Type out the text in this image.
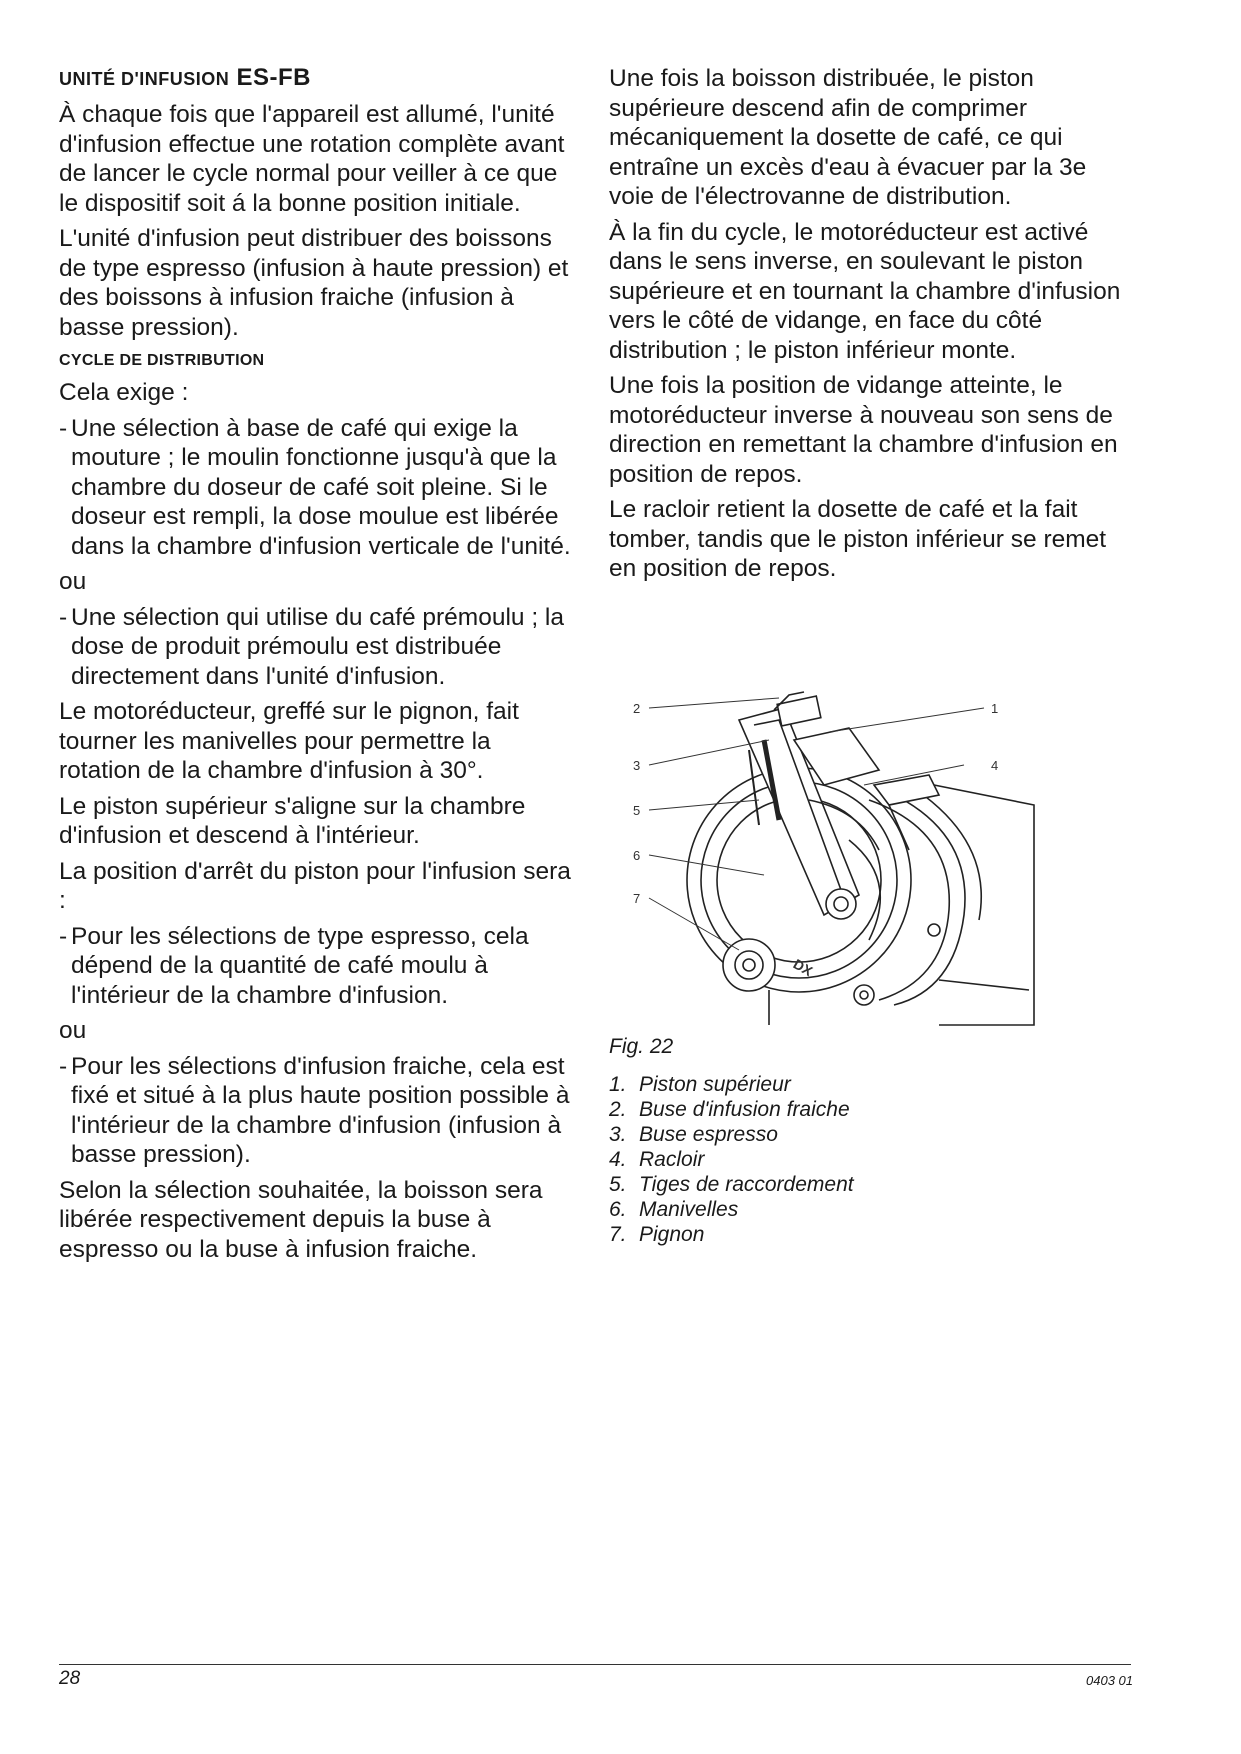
UNITÉ D'INFUSION ES-FB

À chaque fois que l'appareil est allumé, l'unité d'infusion effectue une rotation complète avant de lancer le cycle normal pour veiller à ce que le dispositif soit á la bonne position initiale.

L'unité d'infusion peut distribuer des boissons de type espresso (infusion à haute pression) et des boissons à infusion fraiche (infusion à basse pression).

CYCLE DE DISTRIBUTION

Cela exige :

- Une sélection à base de café qui exige la mouture ; le moulin fonctionne jusqu'à que la chambre du doseur de café soit pleine. Si le doseur est rempli, la dose moulue est libérée dans la chambre d'infusion verticale de l'unité.

ou

- Une sélection qui utilise du café prémoulu ; la dose de produit prémoulu est distribuée directement dans l'unité d'infusion.

Le motoréducteur, greffé sur le pignon, fait tourner les manivelles pour permettre la rotation de la chambre d'infusion à 30°.

Le piston supérieur s'aligne sur la chambre d'infusion et descend à l'intérieur.

La position d'arrêt du piston pour l'infusion sera :

- Pour les sélections de type espresso, cela dépend de la quantité de café moulu à l'intérieur de la chambre d'infusion.

ou

- Pour les sélections d'infusion fraiche, cela est fixé et situé à la plus haute position possible à l'intérieur de la chambre d'infusion (infusion à basse pression).

Selon la sélection souhaitée, la boisson sera libérée respectivement depuis la buse à espresso ou la buse à infusion fraiche.

Une fois la boisson distribuée, le piston supérieure descend afin de comprimer mécaniquement la dosette de café, ce qui entraîne un excès d'eau à évacuer par la 3e voie de l'électrovanne de distribution.

À la fin du cycle, le motoréducteur est activé dans le sens inverse, en soulevant le piston supérieure et en tournant la chambre d'infusion vers le côté de vidange, en face du côté distribution ; le piston inférieur monte.

Une fois la position de vidange atteinte, le motoréducteur inverse à nouveau son sens de direction en remettant la chambre d'infusion en position de repos.

Le racloir retient la dosette de café et la fait tomber, tandis que le piston inférieur se remet en position de repos.

2	1
3	4
5
6
7
DX
Fig. 22
1. Piston supérieur
2. Buse d'infusion fraiche
3. Buse espresso
4. Racloir
5. Tiges de raccordement
6. Manivelles
7. Pignon
28	0403 01
